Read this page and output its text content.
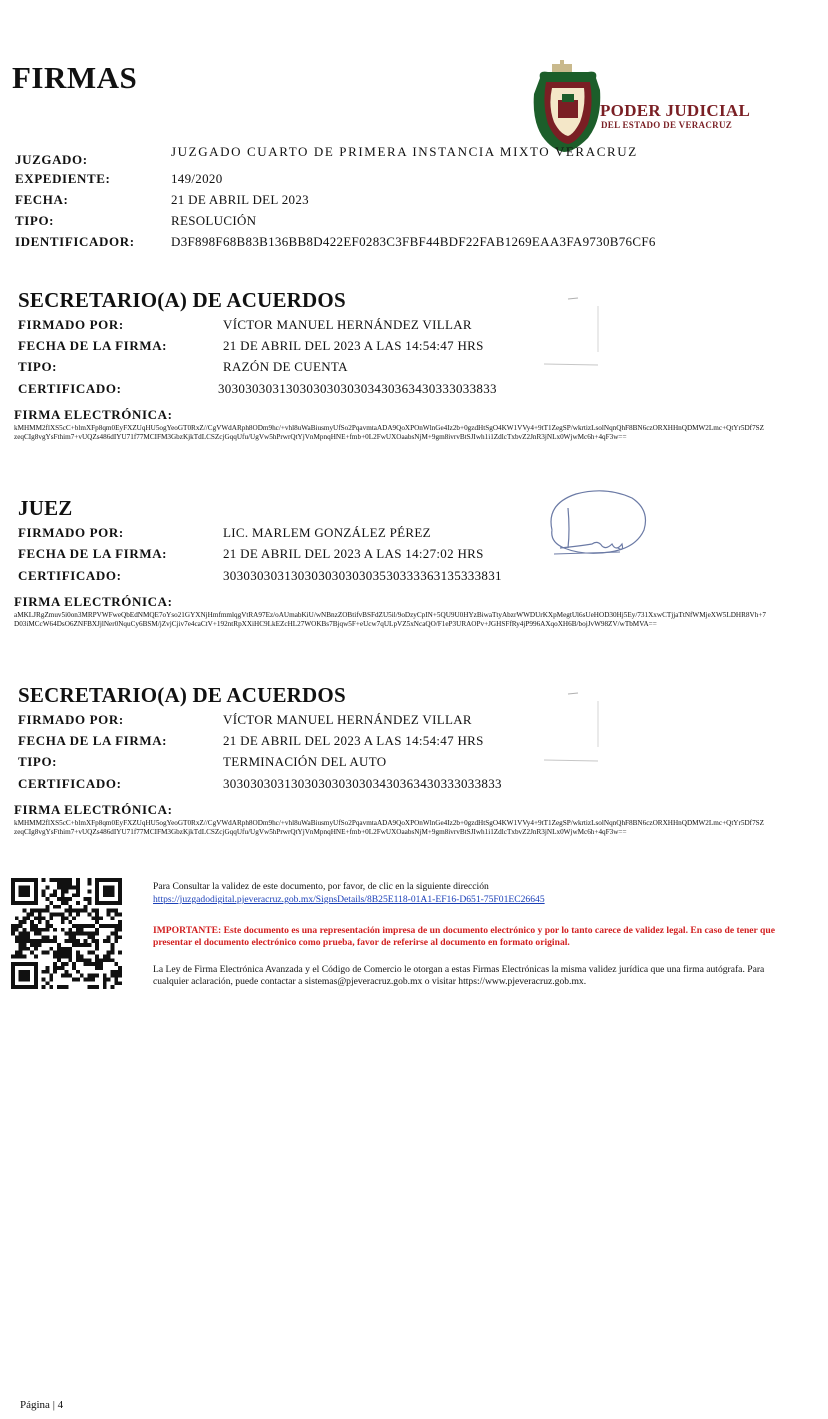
FIRMAS
PODER JUDICIAL
DEL ESTADO DE VERACRUZ
JUZGADO:
JUZGADO CUARTO DE PRIMERA INSTANCIA MIXTO VERACRUZ
EXPEDIENTE:	149/2020
FECHA:	21 DE ABRIL DEL 2023
TIPO:	RESOLUCIÓN
IDENTIFICADOR:	D3F898F68B83B136BB8D422EF0283C3FBF44BDF22FAB1269EAA3FA9730B76CF6
SECRETARIO(A) DE ACUERDOS
FIRMADO POR:	VÍCTOR MANUEL HERNÁNDEZ VILLAR
FECHA DE LA FIRMA:	21 DE ABRIL DEL 2023 A LAS 14:54:47 HRS
TIPO:	RAZÓN DE CUENTA
CERTIFICADO:	30303030313030303030303430363430333033833
FIRMA ELECTRÓNICA:
kMHMM2flXS5cC+blmXFp8qm0EyFXZUqHU5ogYeoGT0RxZ//CgVWdARph8ODm9hc/+vhl8uWaBiusmyUfSo2PqavmtaADA9QoXPOnWlnGe4Iz2b+0gzdHtSgO4KW1VVy4+9tT1ZegSP/wkrtizLsolNqnQhF8BN6czORXHHnQDMW2Lmc+QtYr5Df7SZzeqCIg8vgYsFthim7+vUQZs486dIYU71f77MCIFM3GbzKjkTdLCSZcjGqqUfu/UgVw5hPrwrQtYjVnMpnqHNE+fmb+0L2FwUXOaabsNjM+9gm8ivrvBtSJIwh1i1ZdlcTxbvZ2JnR3jNLx0WjwMc6h+4qF3w==
JUEZ
FIRMADO POR:	LIC. MARLEM GONZÁLEZ PÉREZ
FECHA DE LA FIRMA:	21 DE ABRIL DEL 2023 A LAS 14:27:02 HRS
CERTIFICADO:	30303030313030303030303530333363135333831
FIRMA ELECTRÓNICA:
aMKLJRgZmuv5i0on3MRPVWFweQbEdNMQE7oYso21GYXNjHmfmmlqgVtRA97Ez/oAUmabKiU/wNBnzZOBtifvBSFdZU5il/9oDzyCpIN+5QU9U0HYzBiwaTtyAbzrWWDUrKXpMegtUl6sUeHOD30Hj5Ey/731XxwCTjjaTtNfWMjeXW5LDHR8Vh+7D03iMCcW64DsO6ZNFBXJjlNer0NquCy6BSM/jZvjCjiv7e4caCtV+192ntRpXXiHC9LkEZcHL27WOKBs7Bjqw5F+eUcw7qULpVZ5xNcaQO/F1eP3URAOPv+JGHSFfRy4jP996AXqoXH6B/bojJvW98ZV/wTbMVA==
SECRETARIO(A) DE ACUERDOS
FIRMADO POR:	VÍCTOR MANUEL HERNÁNDEZ VILLAR
FECHA DE LA FIRMA:	21 DE ABRIL DEL 2023 A LAS 14:54:47 HRS
TIPO:	TERMINACIÓN DEL AUTO
CERTIFICADO:	30303030313030303030303430363430333033833
FIRMA ELECTRÓNICA:
kMHMM2flXS5cC+blmXFp8qm0EyFXZUqHU5ogYeoGT0RxZ//CgVWdARph8ODm9hc/+vhl8uWaBiusmyUfSo2PqavmtaADA9QoXPOnWlnGe4Iz2b+0gzdHtSgO4KW1VVy4+9tT1ZegSP/wkrtizLsolNqnQhF8BN6czORXHHnQDMW2Lmc+QtYr5Df7SZzeqCIg8vgYsFthim7+vUQZs486dIYU71f77MCIFM3GbzKjkTdLCSZcjGqqUfu/UgVw5hPrwrQtYjVnMpnqHNE+fmb+0L2FwUXOaabsNjM+9gm8ivrvBtSJIwh1i1ZdlcTxbvZ2JnR3jNLx0WjwMc6h+4qF3w==
Para Consultar la validez de este documento, por favor, de clic en la siguiente dirección
https://juzgadodigital.pjeveracruz.gob.mx/SignsDetails/8B25E118-01A1-EF16-D651-75F01EC26645
IMPORTANTE: Este documento es una representación impresa de un documento electrónico y por lo tanto carece de validez legal. En caso de tener que presentar el documento electrónico como prueba, favor de referirse al documento en formato original.
La Ley de Firma Electrónica Avanzada y el Código de Comercio le otorgan a estas Firmas Electrónicas la misma validez jurídica que una firma autógrafa. Para cualquier aclaración, puede contactar a sistemas@pjeveracruz.gob.mx o visitar https://www.pjeveracruz.gob.mx.
Página | 4
